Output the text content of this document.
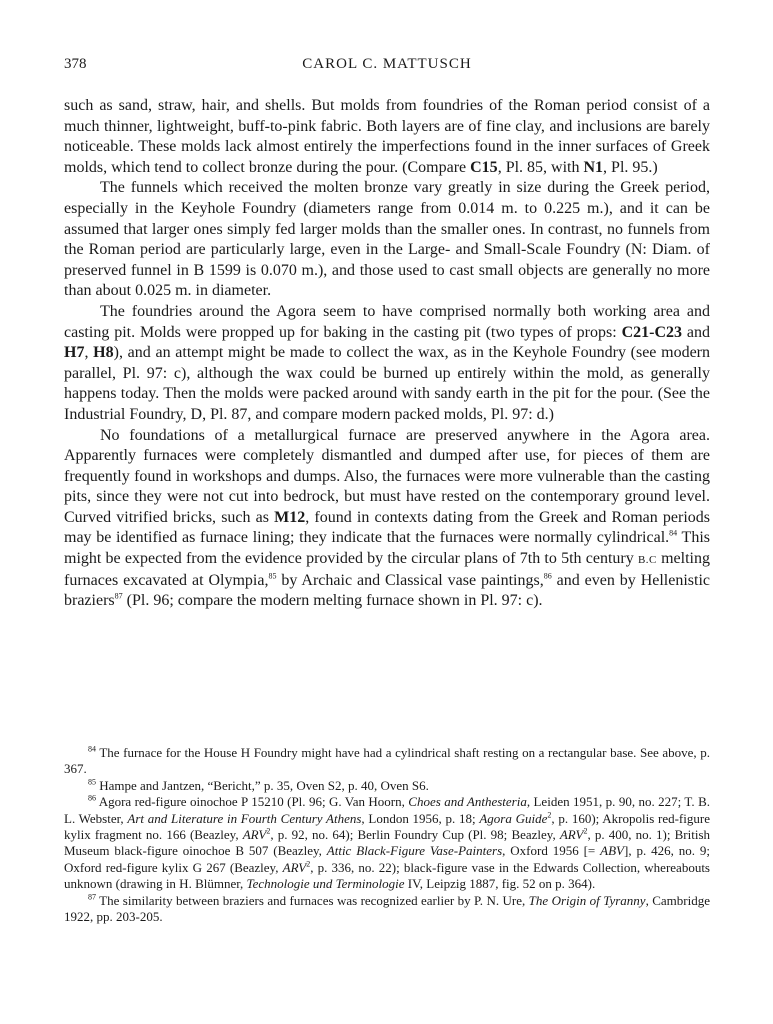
378	CAROL C. MATTUSCH

such as sand, straw, hair, and shells. But molds from foundries of the Roman period consist of a much thinner, lightweight, buff-to-pink fabric. Both layers are of fine clay, and inclusions are barely noticeable. These molds lack almost entirely the imperfections found in the inner surfaces of Greek molds, which tend to collect bronze during the pour. (Compare C15, Pl. 85, with N1, Pl. 95.)

The funnels which received the molten bronze vary greatly in size during the Greek period, especially in the Keyhole Foundry (diameters range from 0.014 m. to 0.225 m.), and it can be assumed that larger ones simply fed larger molds than the smaller ones. In contrast, no funnels from the Roman period are particularly large, even in the Large- and Small-Scale Foundry (N: Diam. of preserved funnel in B 1599 is 0.070 m.), and those used to cast small objects are generally no more than about 0.025 m. in diameter.

The foundries around the Agora seem to have comprised normally both working area and casting pit. Molds were propped up for baking in the casting pit (two types of props: C21-C23 and H7, H8), and an attempt might be made to collect the wax, as in the Keyhole Foundry (see modern parallel, Pl. 97: c), although the wax could be burned up entirely within the mold, as generally happens today. Then the molds were packed around with sandy earth in the pit for the pour. (See the Industrial Foundry, D, Pl. 87, and compare modern packed molds, Pl. 97: d.)

No foundations of a metallurgical furnace are preserved anywhere in the Agora area. Apparently furnaces were completely dismantled and dumped after use, for pieces of them are frequently found in workshops and dumps. Also, the furnaces were more vulnerable than the casting pits, since they were not cut into bedrock, but must have rested on the contemporary ground level. Curved vitrified bricks, such as M12, found in contexts dating from the Greek and Roman periods may be identified as furnace lining; they indicate that the furnaces were normally cylindrical.$^{84}$ This might be expected from the evidence provided by the circular plans of 7th to 5th century B.C melting furnaces excavated at Olympia,$^{85}$ by Archaic and Classical vase paintings,$^{86}$ and even by Hellenistic braziers$^{87}$ (Pl. 96; compare the modern melting furnace shown in Pl. 97: c).

$^{84}$ The furnace for the House H Foundry might have had a cylindrical shaft resting on a rectangular base. See above, p. 367.

$^{85}$ Hampe and Jantzen, “Bericht,” p. 35, Oven S2, p. 40, Oven S6.

$^{86}$ Agora red-figure oinochoe P 15210 (Pl. 96; G. Van Hoorn, Choes and Anthesteria, Leiden 1951, p. 90, no. 227; T. B. L. Webster, Art and Literature in Fourth Century Athens, London 1956, p. 18; Agora Guide$^2$, p. 160); Akropolis red-figure kylix fragment no. 166 (Beazley, ARV$^2$, p. 92, no. 64); Berlin Foundry Cup (Pl. 98; Beazley, ARV$^2$, p. 400, no. 1); British Museum black-figure oinochoe B 507 (Beazley, Attic Black-Figure Vase-Painters, Oxford 1956 [= ABV], p. 426, no. 9; Oxford red-figure kylix G 267 (Beazley, ARV$^2$, p. 336, no. 22); black-figure vase in the Edwards Collection, whereabouts unknown (drawing in H. Blümner, Technologie und Terminologie IV, Leipzig 1887, fig. 52 on p. 364).

$^{87}$ The similarity between braziers and furnaces was recognized earlier by P. N. Ure, The Origin of Tyranny, Cambridge 1922, pp. 203-205.
